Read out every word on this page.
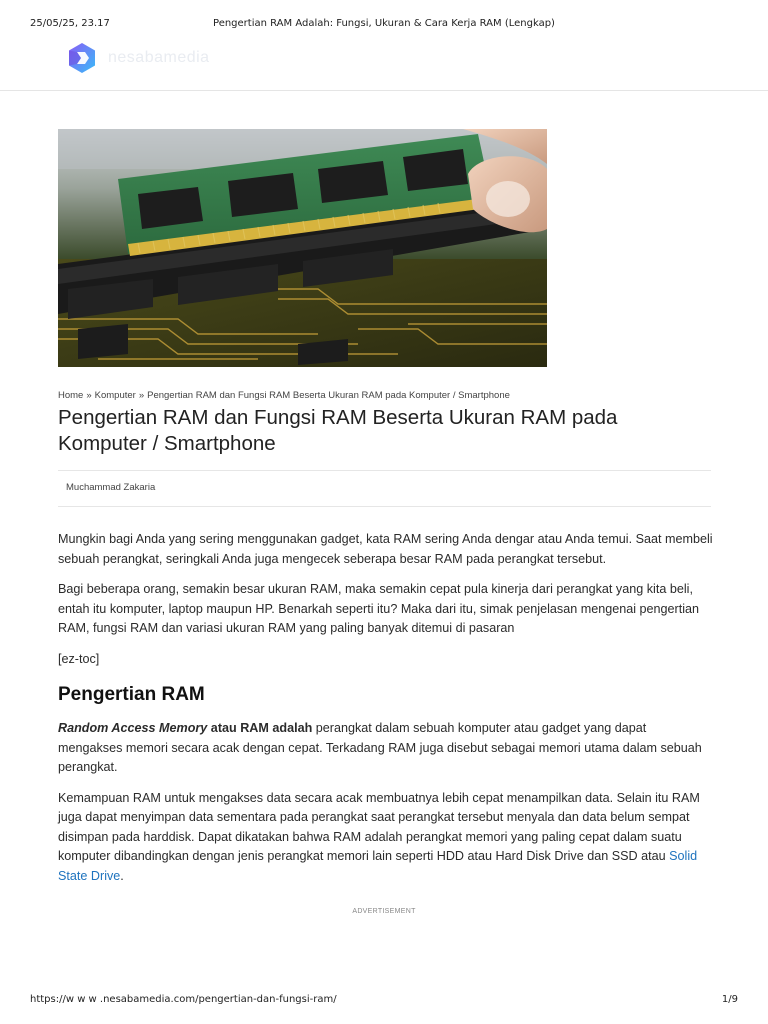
25/05/25, 23.17	Pengertian RAM Adalah: Fungsi, Ukuran & Cara Kerja RAM (Lengkap)
nesabamedia
Home » Komputer » Pengertian RAM dan Fungsi RAM Beserta Ukuran RAM pada Komputer / Smartphone
Pengertian RAM dan Fungsi RAM Beserta Ukuran RAM pada Komputer / Smartphone
Muchammad Zakaria

Mungkin bagi Anda yang sering menggunakan gadget, kata RAM sering Anda dengar atau Anda temui. Saat membeli sebuah perangkat, seringkali Anda juga mengecek seberapa besar RAM pada perangkat tersebut.

Bagi beberapa orang, semakin besar ukuran RAM, maka semakin cepat pula kinerja dari perangkat yang kita beli, entah itu komputer, laptop maupun HP. Benarkah seperti itu? Maka dari itu, simak penjelasan mengenai pengertian RAM, fungsi RAM dan variasi ukuran RAM yang paling banyak ditemui di pasaran

[ez-toc]

Pengertian RAM

Random Access Memory atau RAM adalah perangkat dalam sebuah komputer atau gadget yang dapat mengakses memori secara acak dengan cepat. Terkadang RAM juga disebut sebagai memori utama dalam sebuah perangkat.

Kemampuan RAM untuk mengakses data secara acak membuatnya lebih cepat menampilkan data. Selain itu RAM juga dapat menyimpan data sementara pada perangkat saat perangkat tersebut menyala dan data belum sempat disimpan pada harddisk. Dapat dikatakan bahwa RAM adalah perangkat memori yang paling cepat dalam suatu komputer dibandingkan dengan jenis perangkat memori lain seperti HDD atau Hard Disk Drive dan SSD atau Solid State Drive.

ADVERTISEMENT
https://w w w .nesabamedia.com/pengertian-dan-fungsi-ram/	1/9
